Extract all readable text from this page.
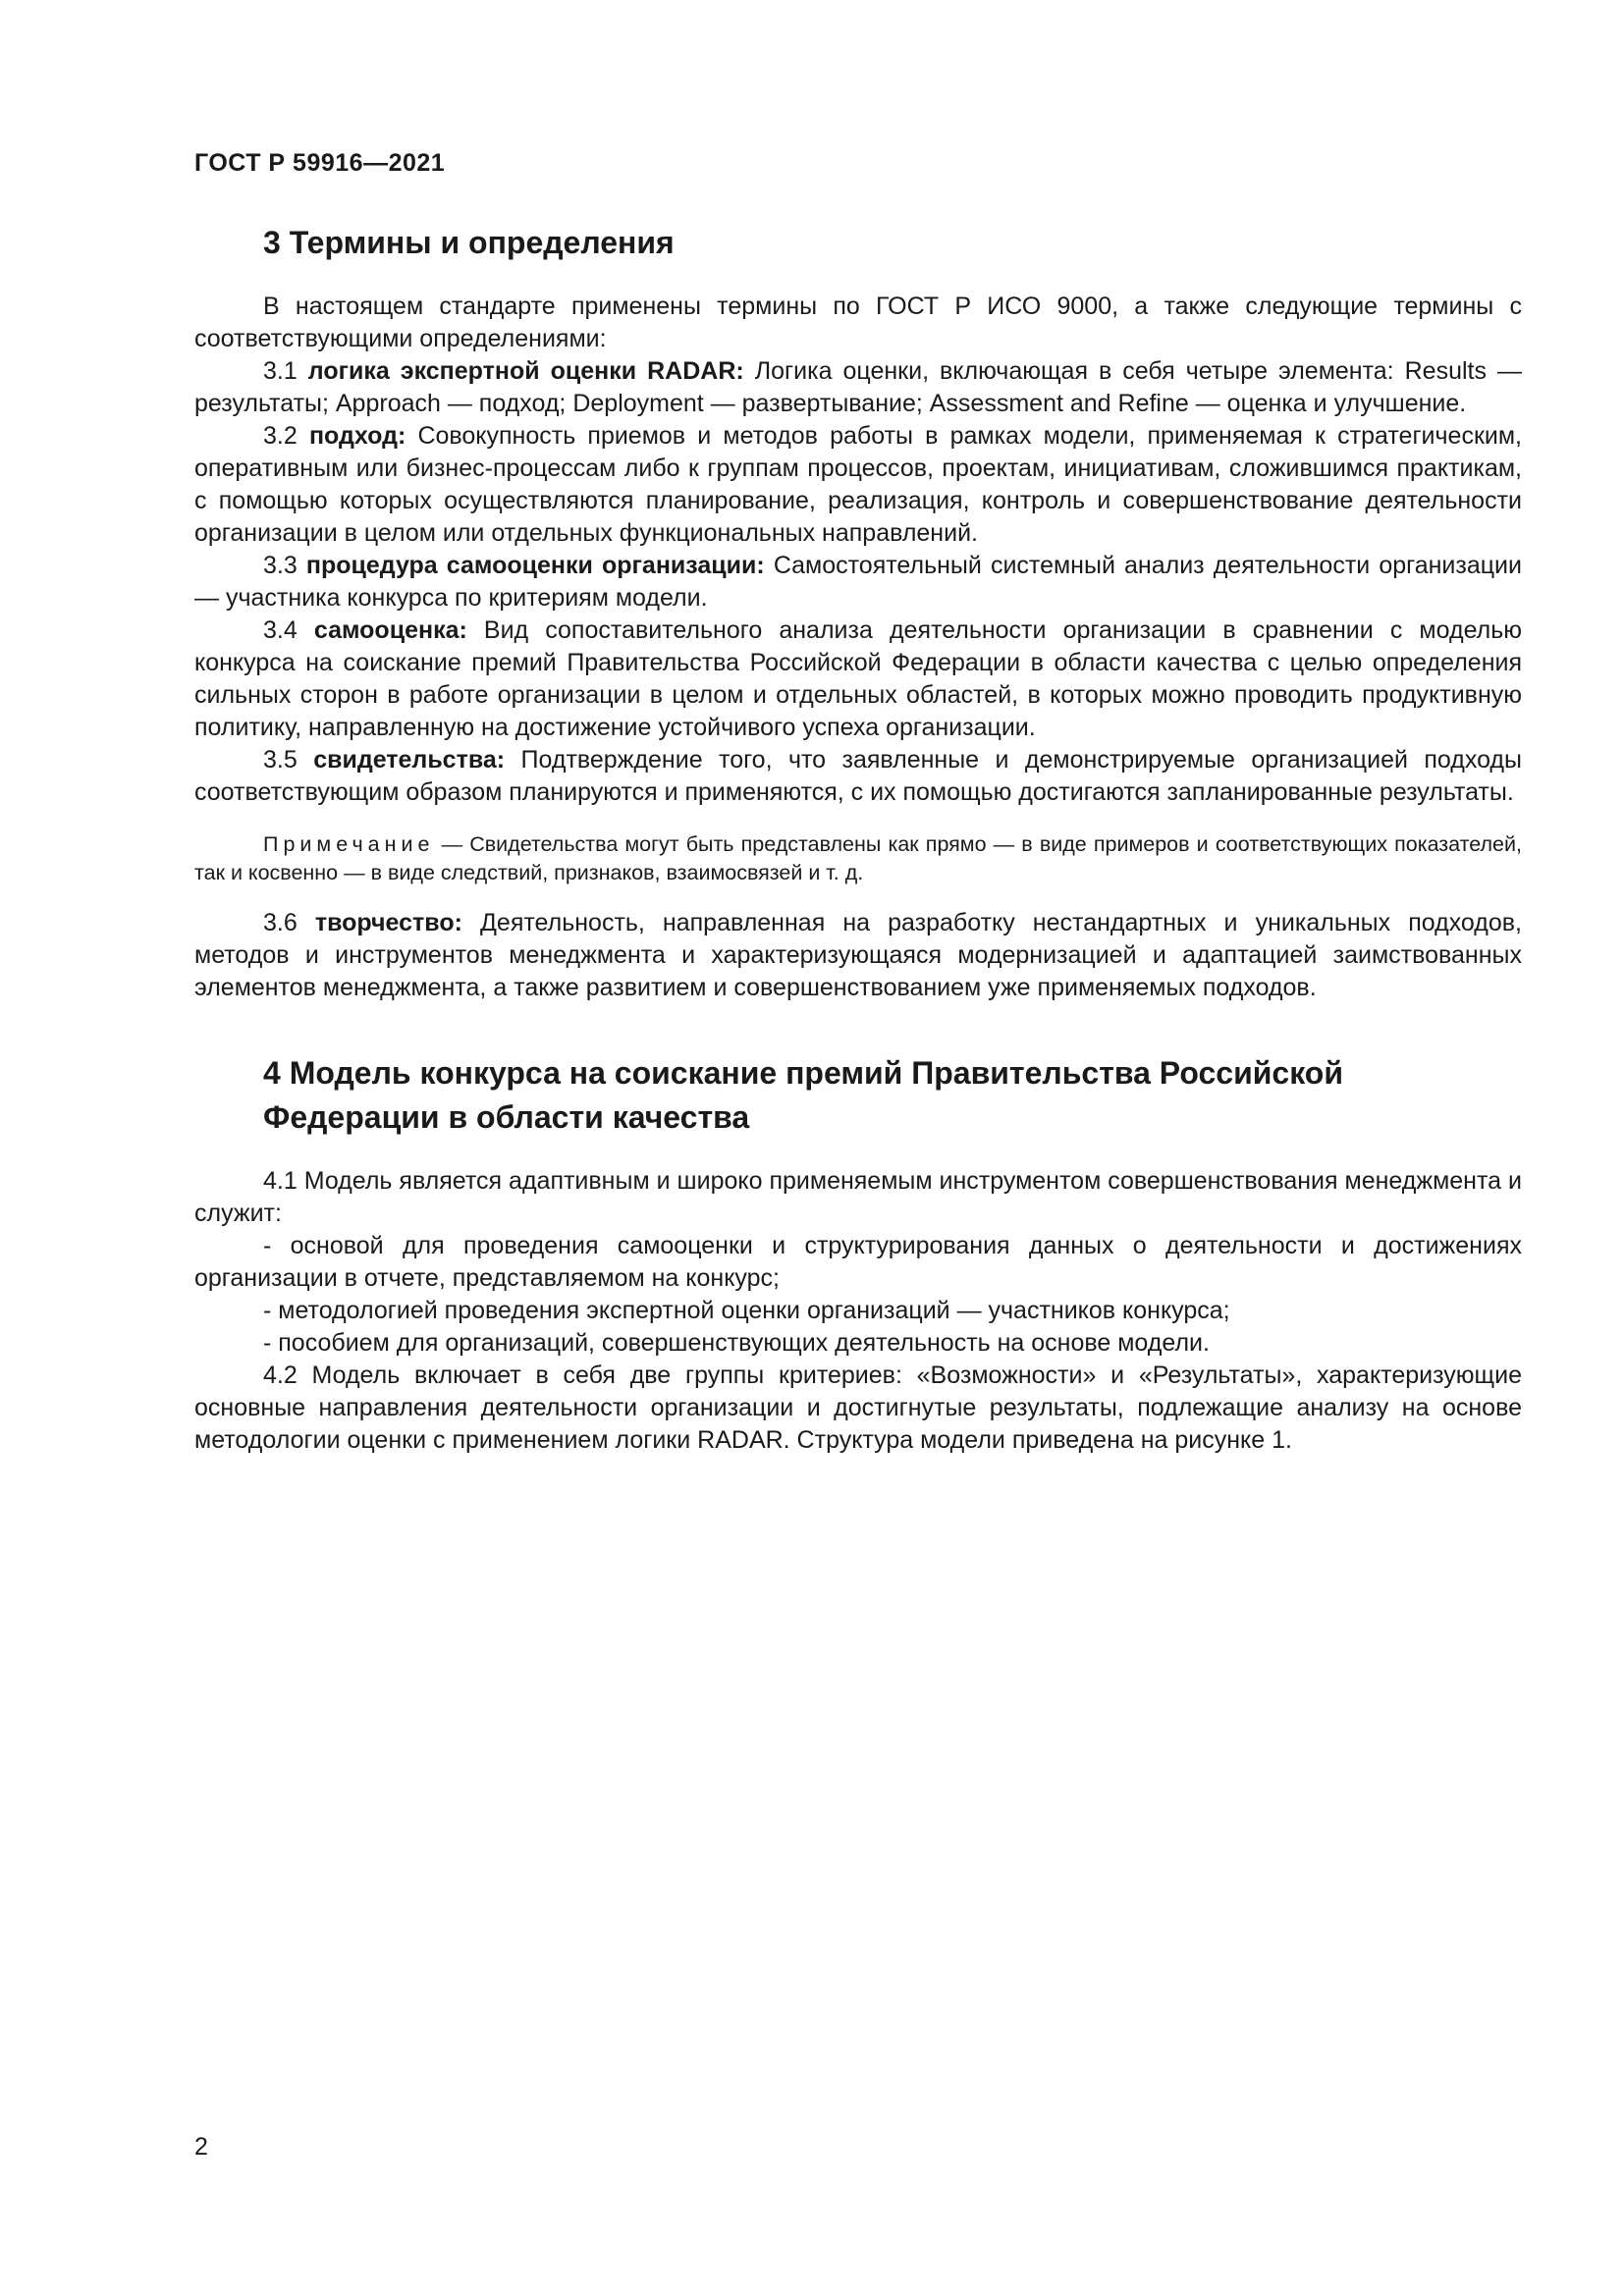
ГОСТ Р 59916—2021
3 Термины и определения

В настоящем стандарте применены термины по ГОСТ Р ИСО 9000, а также следующие термины с соответствующими определениями:

3.1 логика экспертной оценки RADAR: Логика оценки, включающая в себя четыре элемента: Results — результаты; Approach — подход; Deployment — развертывание; Assessment and Refine — оценка и улучшение.

3.2 подход: Совокупность приемов и методов работы в рамках модели, применяемая к стратегическим, оперативным или бизнес-процессам либо к группам процессов, проектам, инициативам, сложившимся практикам, с помощью которых осуществляются планирование, реализация, контроль и совершенствование деятельности организации в целом или отдельных функциональных направлений.

3.3 процедура самооценки организации: Самостоятельный системный анализ деятельности организации — участника конкурса по критериям модели.

3.4 самооценка: Вид сопоставительного анализа деятельности организации в сравнении с моделью конкурса на соискание премий Правительства Российской Федерации в области качества с целью определения сильных сторон в работе организации в целом и отдельных областей, в которых можно проводить продуктивную политику, направленную на достижение устойчивого успеха организации.

3.5 свидетельства: Подтверждение того, что заявленные и демонстрируемые организацией подходы соответствующим образом планируются и применяются, с их помощью достигаются запланированные результаты.

Примечание — Свидетельства могут быть представлены как прямо — в виде примеров и соответствующих показателей, так и косвенно — в виде следствий, признаков, взаимосвязей и т. д.

3.6 творчество: Деятельность, направленная на разработку нестандартных и уникальных подходов, методов и инструментов менеджмента и характеризующаяся модернизацией и адаптацией заимствованных элементов менеджмента, а также развитием и совершенствованием уже применяемых подходов.

4 Модель конкурса на соискание премий Правительства Российской
Федерации в области качества

4.1 Модель является адаптивным и широко применяемым инструментом совершенствования менеджмента и служит:

- основой для проведения самооценки и структурирования данных о деятельности и достижениях организации в отчете, представляемом на конкурс;

- методологией проведения экспертной оценки организаций — участников конкурса;

- пособием для организаций, совершенствующих деятельность на основе модели.

4.2 Модель включает в себя две группы критериев: «Возможности» и «Результаты», характеризующие основные направления деятельности организации и достигнутые результаты, подлежащие анализу на основе методологии оценки с применением логики RADAR. Структура модели приведена на рисунке 1.

2
